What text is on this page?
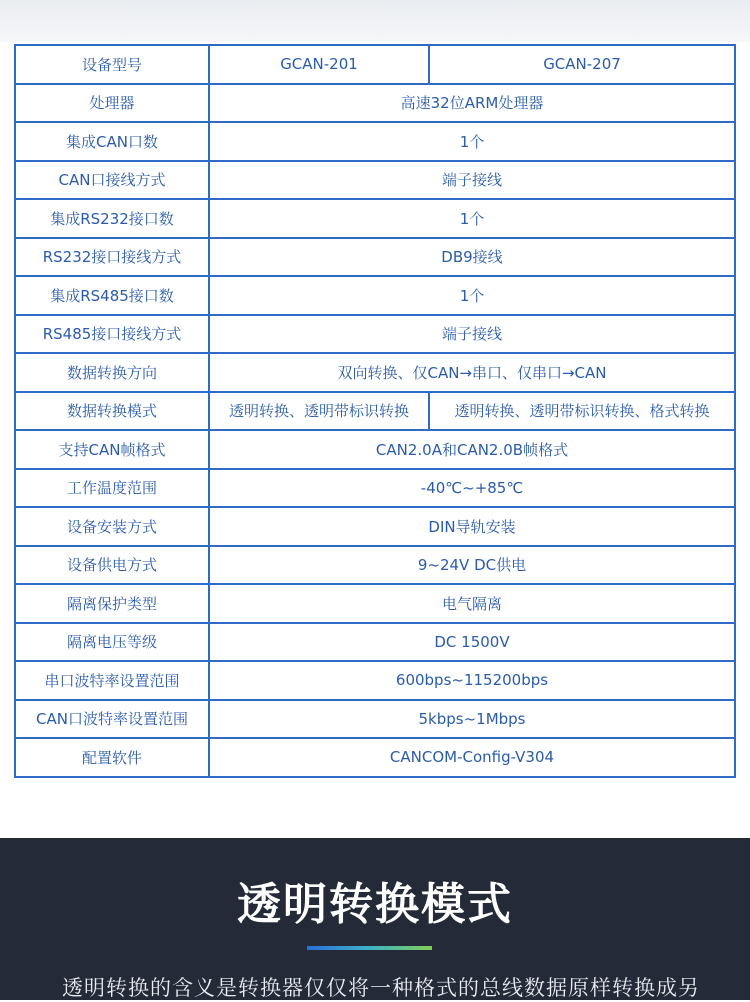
设备型号	GCAN-201	GCAN-207
处理器	高速32位ARM处理器	
集成CAN口数	1个	
CAN口接线方式	端子接线	
集成RS232接口数	1个	
RS232接口接线方式	DB9接线	
集成RS485接口数	1个	
RS485接口接线方式	端子接线	
数据转换方向	双向转换、仅CAN→串口、仅串口→CAN	
数据转换模式	透明转换、透明带标识转换	透明转换、透明带标识转换、格式转换
支持CAN帧格式	CAN2.0A和CAN2.0B帧格式	
工作温度范围	-40℃~+85℃	
设备安装方式	DIN导轨安装	
设备供电方式	9~24V DC供电	
隔离保护类型	电气隔离	
隔离电压等级	DC 1500V	
串口波特率设置范围	600bps~115200bps	
CAN口波特率设置范围	5kbps~1Mbps	
配置软件	CANCOM-Config-V304	
透明转换模式
透明转换的含义是转换器仅仅将一种格式的总线数据原样转换成另
